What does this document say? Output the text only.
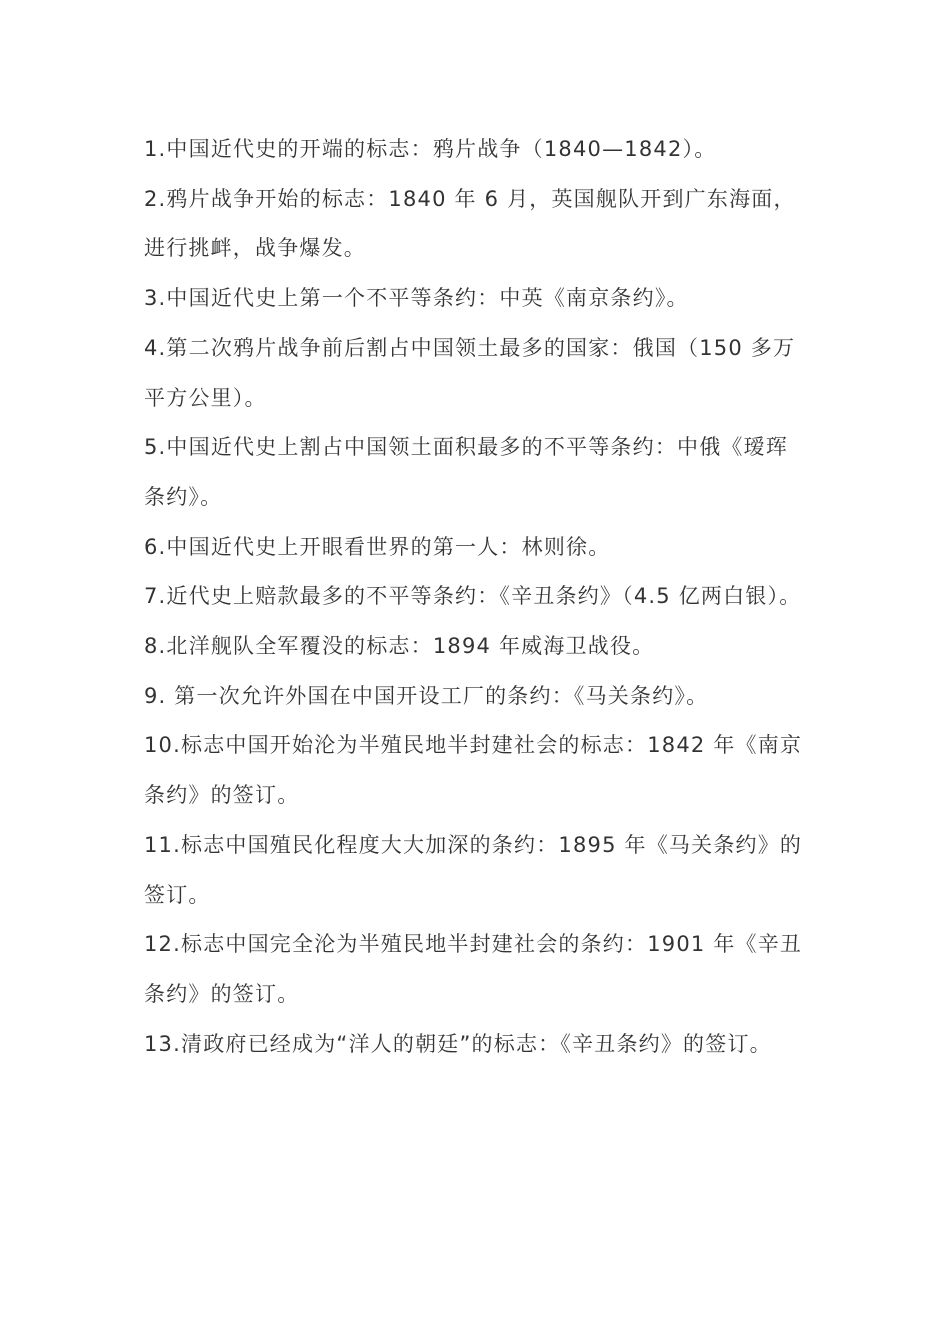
1.中国近代史的开端的标志：鸦片战争（1840—1842）。
2.鸦片战争开始的标志：1840 年 6 月，英国舰队开到广东海面，进行挑衅，战争爆发。
3.中国近代史上第一个不平等条约：中英《南京条约》。
4.第二次鸦片战争前后割占中国领土最多的国家：俄国（150 多万平方公里）。
5.中国近代史上割占中国领土面积最多的不平等条约：中俄《瑷珲条约》。
6.中国近代史上开眼看世界的第一人：林则徐。
7.近代史上赔款最多的不平等条约：《辛丑条约》（4.5 亿两白银）。
8.北洋舰队全军覆没的标志：1894 年威海卫战役。
9. 第一次允许外国在中国开设工厂的条约：《马关条约》。
10.标志中国开始沦为半殖民地半封建社会的标志：1842 年《南京条约》的签订。
11.标志中国殖民化程度大大加深的条约：1895 年《马关条约》的签订。
12.标志中国完全沦为半殖民地半封建社会的条约：1901 年《辛丑条约》的签订。
13.清政府已经成为“洋人的朝廷”的标志：《辛丑条约》的签订。
